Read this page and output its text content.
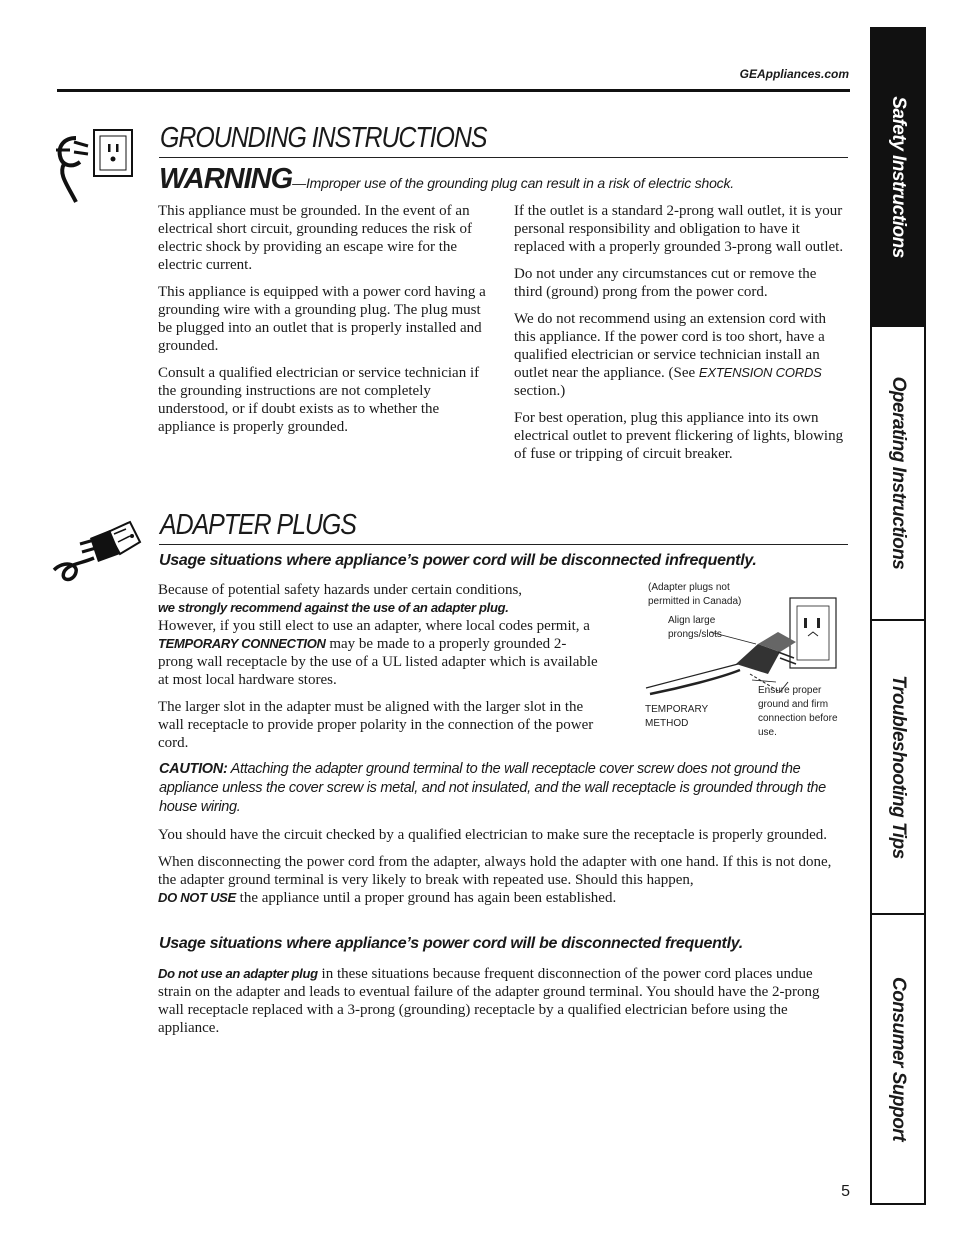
GEAppliances.com
GROUNDING INSTRUCTIONS
WARNING—Improper use of the grounding plug can result in a risk of electric shock.

This appliance must be grounded. In the event of an electrical short circuit, grounding reduces the risk of electric shock by providing an escape wire for the electric current.

This appliance is equipped with a power cord having a grounding wire with a grounding plug. The plug must be plugged into an outlet that is properly installed and grounded.

Consult a qualified electrician or service technician if the grounding instructions are not completely understood, or if doubt exists as to whether the appliance is properly grounded.

If the outlet is a standard 2-prong wall outlet, it is your personal responsibility and obligation to have it replaced with a properly grounded 3-prong wall outlet.

Do not under any circumstances cut or remove the third (ground) prong from the power cord.

We do not recommend using an extension cord with this appliance. If the power cord is too short, have a qualified electrician or service technician install an outlet near the appliance. (See EXTENSION CORDS section.)

For best operation, plug this appliance into its own electrical outlet to prevent flickering of lights, blowing of fuse or tripping of circuit breaker.

ADAPTER PLUGS
Usage situations where appliance’s power cord will be disconnected infrequently.

Because of potential safety hazards under certain conditions,
we strongly recommend against the use of an adapter plug.
However, if you still elect to use an adapter, where local codes permit, a TEMPORARY CONNECTION may be made to a properly grounded 2-prong wall receptacle by the use of a UL listed adapter which is available at most local hardware stores.

The larger slot in the adapter must be aligned with the larger slot in the wall receptacle to provide proper polarity in the connection of the power cord.

(Adapter plugs not permitted in Canada)
Align large prongs/slots
TEMPORARY METHOD
Ensure proper ground and firm connection before use.
CAUTION: Attaching the adapter ground terminal to the wall receptacle cover screw does not ground the appliance unless the cover screw is metal, and not insulated, and the wall receptacle is grounded through the house wiring.

You should have the circuit checked by a qualified electrician to make sure the receptacle is properly grounded.

When disconnecting the power cord from the adapter, always hold the adapter with one hand. If this is not done, the adapter ground terminal is very likely to break with repeated use. Should this happen,
DO NOT USE the appliance until a proper ground has again been established.

Usage situations where appliance’s power cord will be disconnected frequently.

Do not use an adapter plug in these situations because frequent disconnection of the power cord places undue strain on the adapter and leads to eventual failure of the adapter ground terminal. You should have the 2-prong wall receptacle replaced with a 3-prong (grounding) receptacle by a qualified electrician before using the appliance.

Safety Instructions
Operating Instructions
Troubleshooting Tips
Consumer Support
5
